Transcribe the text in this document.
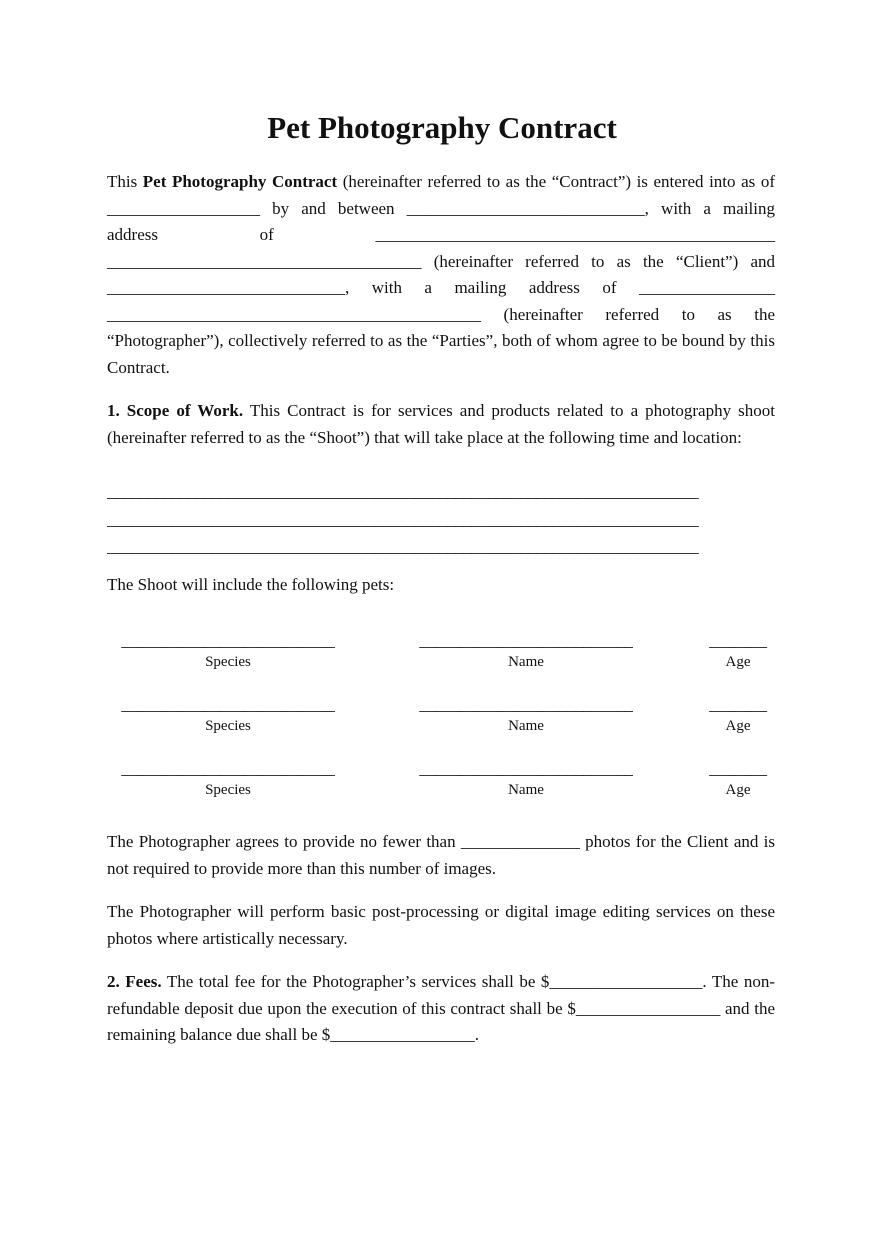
Pet Photography Contract

This Pet Photography Contract (hereinafter referred to as the “Contract”) is entered into as of __________________ by and between ____________________________, with a mailing address of _______________________________________________ _____________________________________ (hereinafter referred to as the “Client”) and ____________________________, with a mailing address of ________________ ____________________________________________ (hereinafter referred to as the “Photographer”), collectively referred to as the “Parties”, both of whom agree to be bound by this Contract.

1. Scope of Work. This Contract is for services and products related to a photography shoot (hereinafter referred to as the “Shoot”) that will take place at the following time and location:

_________________________________________________________________________
_________________________________________________________________________
_________________________________________________________________________

The Shoot will include the following pets:

__________________________
Species
__________________________
Name
_______
Age
__________________________
Species
__________________________
Name
_______
Age
__________________________
Species
__________________________
Name
_______
Age

The Photographer agrees to provide no fewer than ______________ photos for the Client and is not required to provide more than this number of images.

The Photographer will perform basic post-processing or digital image editing services on these photos where artistically necessary.

2. Fees. The total fee for the Photographer’s services shall be $__________________. The non-refundable deposit due upon the execution of this contract shall be $_________________ and the remaining balance due shall be $_________________.
